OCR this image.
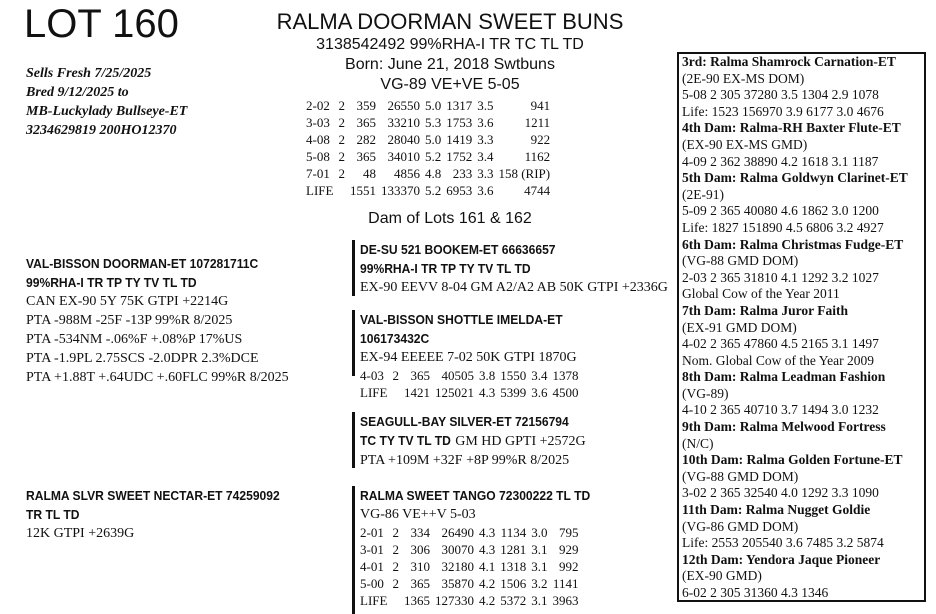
LOT 160
Sells Fresh 7/25/2025
Bred 9/12/2025 to
MB-Luckylady Bullseye-ET
3234629819 200HO12370
RALMA DOORMAN SWEET BUNS
3138542492 99%RHA-I TR TC TL TD
Born: June 21, 2018 Swtbuns
VG-89 VE+VE 5-05
2-02	2	359	26550	5.0	1317	3.5	941
3-03	2	365	33210	5.3	1753	3.6	1211
4-08	2	282	28040	5.0	1419	3.3	922
5-08	2	365	34010	5.2	1752	3.4	1162
7-01	2	48	4856	4.8	233	3.3	158 (RIP)
LIFE		1551	133370	5.2	6953	3.6	4744
Dam of Lots 161 & 162
VAL-BISSON DOORMAN-ET 107281711C
99%RHA-I TR TP TY TV TL TD
CAN EX-90 5Y 75K GTPI +2214G
PTA -988M -25F -13P 99%R 8/2025
PTA -534NM -.06%F +.08%P 17%US
PTA -1.9PL 2.75SCS -2.0DPR 2.3%DCE
PTA +1.88T +.64UDC +.60FLC 99%R 8/2025
DE-SU 521 BOOKEM-ET 66636657
99%RHA-I TR TP TY TV TL TD
EX-90 EEVV 8-04 GM A2/A2 AB 50K GTPI +2336G
VAL-BISSON SHOTTLE IMELDA-ET
106173432C
EX-94 EEEEE 7-02 50K GTPI 1870G
4-03	2	365	40505	3.8	1550	3.4	1378
LIFE		1421	125021	4.3	5399	3.6	4500
SEAGULL-BAY SILVER-ET 72156794
TC TY TV TL TD GM HD GPTI +2572G
PTA +109M +32F +8P 99%R 8/2025
RALMA SLVR SWEET NECTAR-ET 74259092
TR TL TD
12K GTPI +2639G
RALMA SWEET TANGO 72300222 TL TD
VG-86 VE++V 5-03
2-01	2	334	26490	4.3	1134	3.0	795
3-01	2	306	30070	4.3	1281	3.1	929
4-01	2	310	32180	4.1	1318	3.1	992
5-00	2	365	35870	4.2	1506	3.2	1141
LIFE		1365	127330	4.2	5372	3.1	3963
3rd: Ralma Shamrock Carnation-ET
(2E-90 EX-MS DOM)
5-08 2 305 37280 3.5 1304 2.9 1078
Life: 1523 156970 3.9 6177 3.0 4676
4th Dam: Ralma-RH Baxter Flute-ET
(EX-90 EX-MS GMD)
4-09 2 362 38890 4.2 1618 3.1 1187
5th Dam: Ralma Goldwyn Clarinet-ET
(2E-91)
5-09 2 365 40080 4.6 1862 3.0 1200
Life: 1827 151890 4.5 6806 3.2 4927
6th Dam: Ralma Christmas Fudge-ET
(VG-88 GMD DOM)
2-03 2 365 31810 4.1 1292 3.2 1027
Global Cow of the Year 2011
7th Dam: Ralma Juror Faith
(EX-91 GMD DOM)
4-02 2 365 47860 4.5 2165 3.1 1497
Nom. Global Cow of the Year 2009
8th Dam: Ralma Leadman Fashion
(VG-89)
4-10 2 365 40710 3.7 1494 3.0 1232
9th Dam: Ralma Melwood Fortress
(N/C)
10th Dam: Ralma Golden Fortune-ET
(VG-88 GMD DOM)
3-02 2 365 32540 4.0 1292 3.3 1090
11th Dam: Ralma Nugget Goldie
(VG-86 GMD DOM)
Life: 2553 205540 3.6 7485 3.2 5874
12th Dam: Yendora Jaque Pioneer
(EX-90 GMD)
6-02 2 305 31360 4.3 1346
